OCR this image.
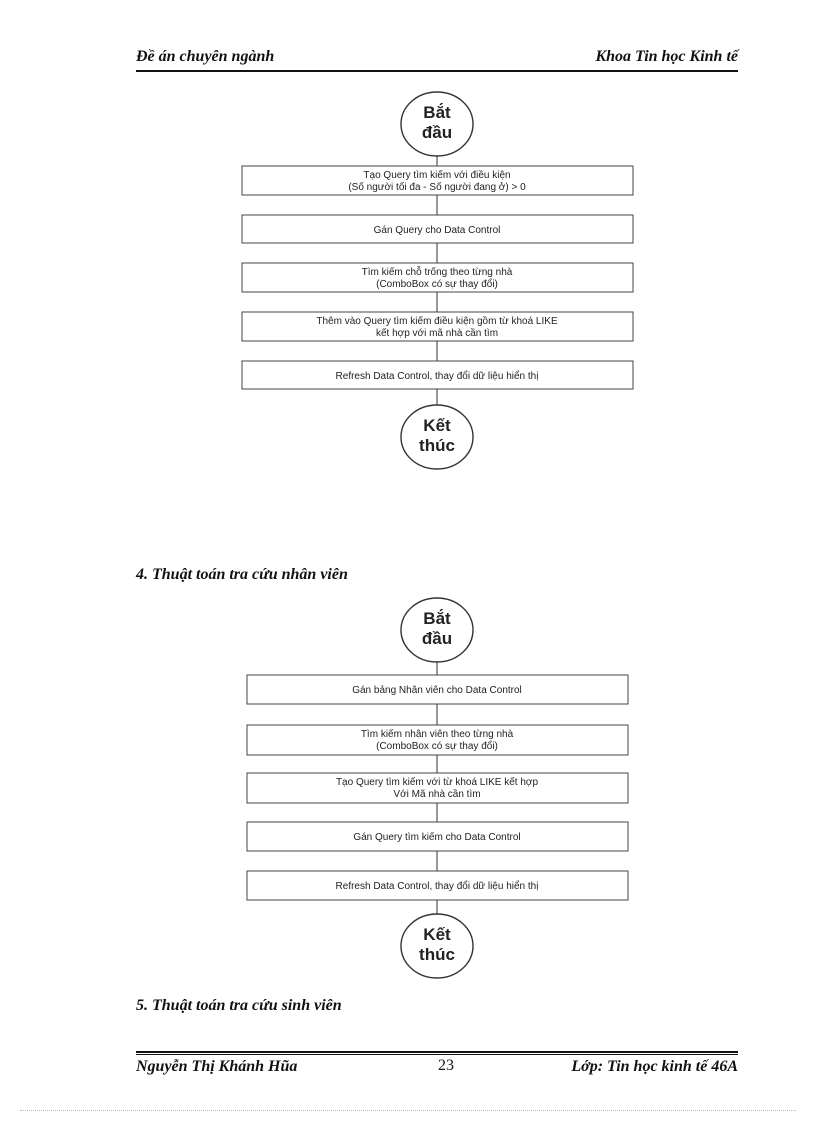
Đề án chuyên ngành	Khoa Tin học Kinh tế
Bắt
đầu
Tạo Query tìm kiếm với điều kiện
(Số người tối đa - Số người đang ở) > 0
Gán Query cho Data Control
Tìm kiếm chỗ trống theo từng nhà
(ComboBox có sự thay đổi)
Thêm vào Query tìm kiếm điều kiện gồm từ khoá LIKE
kết hợp với mã nhà cần tìm
Refresh Data Control, thay đổi dữ liệu hiển thị
Kết
thúc
Bắt
đầu
Gán bảng Nhân viên cho Data Control
Tìm kiếm nhân viên theo từng nhà
(ComboBox có sự thay đổi)
Tạo Query tìm kiếm với từ khoá LIKE kết hợp
Với Mã nhà cần tìm
Gán Query tìm kiếm cho Data Control
Refresh Data Control, thay đổi dữ liệu hiển thị
Kết
thúc
4. Thuật toán tra cứu nhân viên
5. Thuật toán tra cứu sinh viên
Nguyễn Thị Khánh Hũa	23	Lớp: Tin học kinh tế 46A
